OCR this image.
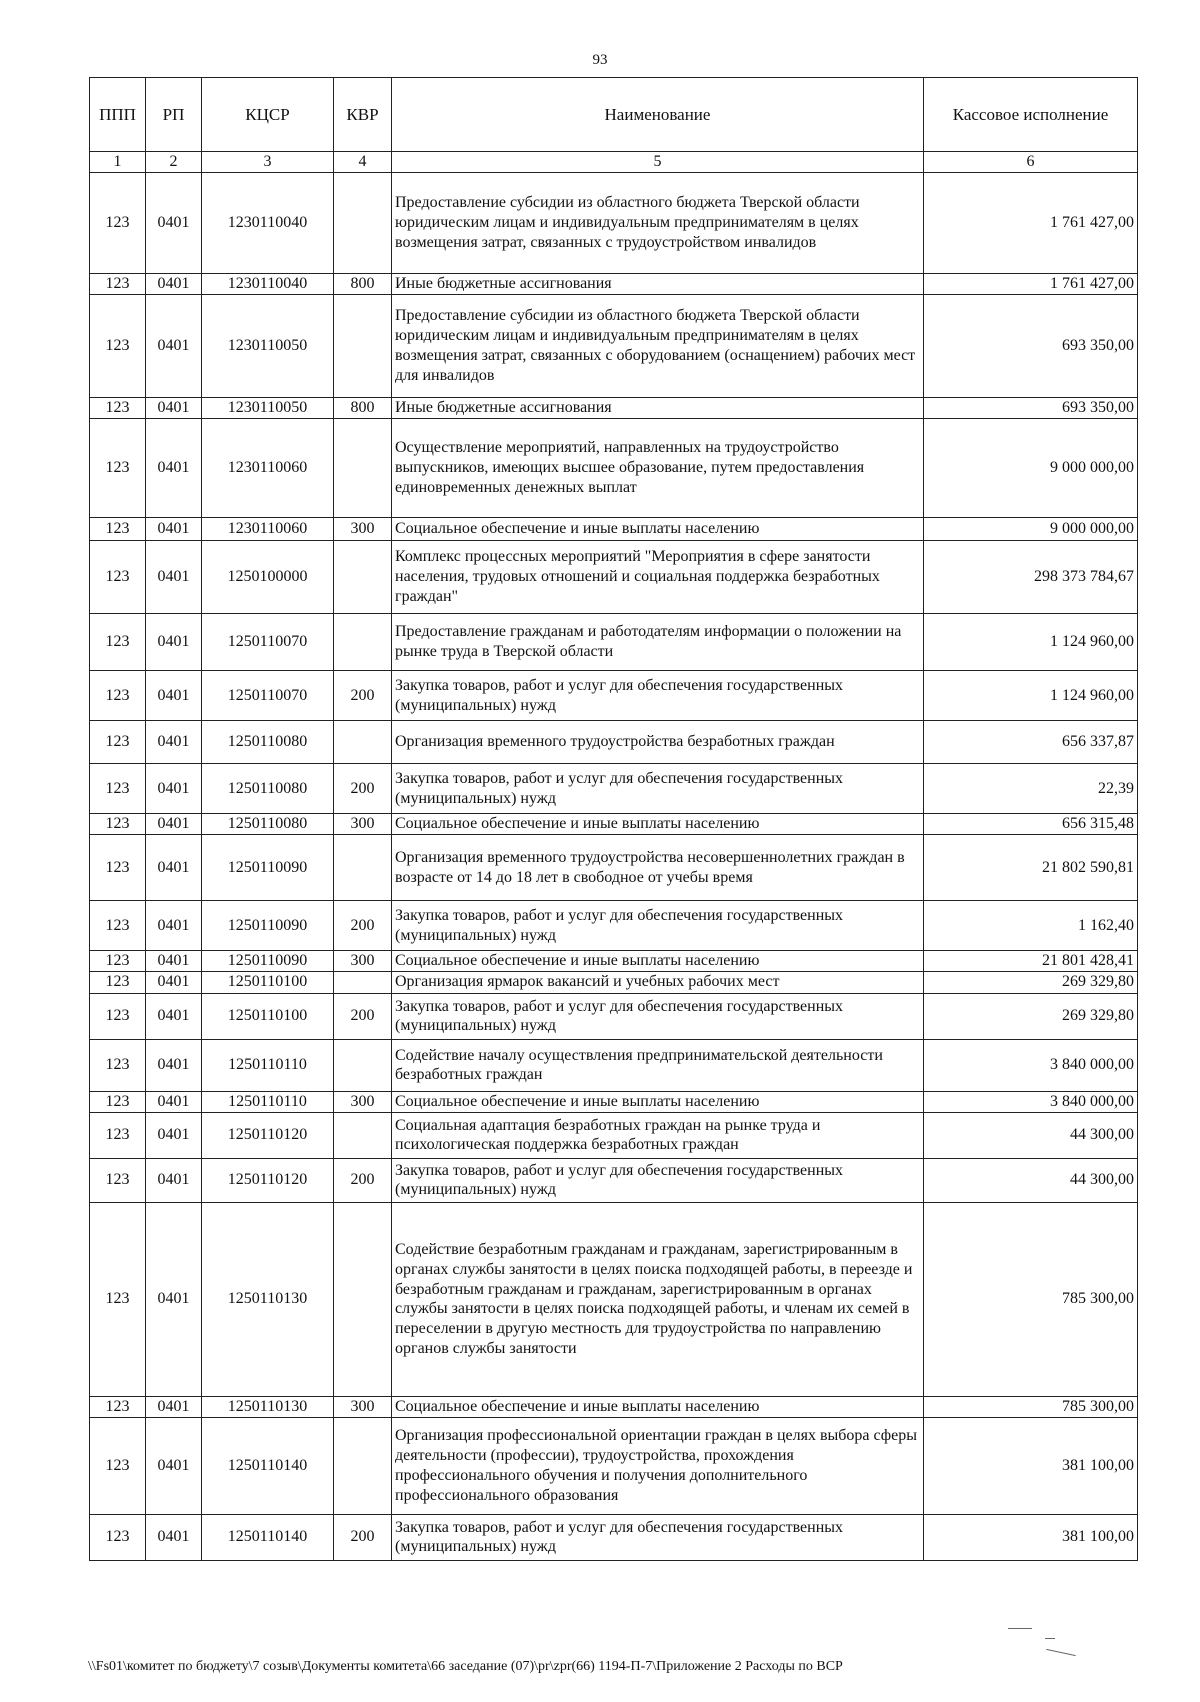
93
ППП	РП	КЦСР	КВР	Наименование	Кассовое исполнение
1	2	3	4	5	6
123	0401	1230110040		Предоставление субсидии из областного бюджета Тверской области юридическим лицам и индивидуальным предпринимателям в целях возмещения затрат, связанных с трудоустройством инвалидов	1 761 427,00
123	0401	1230110040	800	Иные бюджетные ассигнования	1 761 427,00
123	0401	1230110050		Предоставление субсидии из областного бюджета Тверской области юридическим лицам и индивидуальным предпринимателям в целях возмещения затрат, связанных с оборудованием (оснащением) рабочих мест для инвалидов	693 350,00
123	0401	1230110050	800	Иные бюджетные ассигнования	693 350,00
123	0401	1230110060		Осуществление мероприятий, направленных на трудоустройство выпускников, имеющих высшее образование, путем предоставления единовременных денежных выплат	9 000 000,00
123	0401	1230110060	300	Социальное обеспечение и иные выплаты населению	9 000 000,00
123	0401	1250100000		Комплекс процессных мероприятий "Мероприятия в сфере занятости населения, трудовых отношений и социальная поддержка безработных граждан"	298 373 784,67
123	0401	1250110070		Предоставление гражданам и работодателям информации о положении на рынке труда в Тверской области	1 124 960,00
123	0401	1250110070	200	Закупка товаров, работ и услуг для обеспечения государственных (муниципальных) нужд	1 124 960,00
123	0401	1250110080		Организация временного трудоустройства безработных граждан	656 337,87
123	0401	1250110080	200	Закупка товаров, работ и услуг для обеспечения государственных (муниципальных) нужд	22,39
123	0401	1250110080	300	Социальное обеспечение и иные выплаты населению	656 315,48
123	0401	1250110090		Организация временного трудоустройства несовершеннолетних граждан в возрасте от 14 до 18 лет в свободное от учебы время	21 802 590,81
123	0401	1250110090	200	Закупка товаров, работ и услуг для обеспечения государственных (муниципальных) нужд	1 162,40
123	0401	1250110090	300	Социальное обеспечение и иные выплаты населению	21 801 428,41
123	0401	1250110100		Организация ярмарок вакансий и учебных рабочих мест	269 329,80
123	0401	1250110100	200	Закупка товаров, работ и услуг для обеспечения государственных (муниципальных) нужд	269 329,80
123	0401	1250110110		Содействие началу осуществления предпринимательской деятельности безработных граждан	3 840 000,00
123	0401	1250110110	300	Социальное обеспечение и иные выплаты населению	3 840 000,00
123	0401	1250110120		Социальная адаптация безработных граждан на рынке труда и психологическая поддержка безработных граждан	44 300,00
123	0401	1250110120	200	Закупка товаров, работ и услуг для обеспечения государственных (муниципальных) нужд	44 300,00
123	0401	1250110130		Содействие безработным гражданам и гражданам, зарегистрированным в органах службы занятости в целях поиска подходящей работы, в переезде и безработным гражданам и гражданам, зарегистрированным в органах службы занятости в целях поиска подходящей работы, и членам их семей в переселении в другую местность для трудоустройства по направлению органов службы занятости	785 300,00
123	0401	1250110130	300	Социальное обеспечение и иные выплаты населению	785 300,00
123	0401	1250110140		Организация профессиональной ориентации граждан в целях выбора сферы деятельности (профессии), трудоустройства, прохождения профессионального обучения и получения дополнительного профессионального образования	381 100,00
123	0401	1250110140	200	Закупка товаров, работ и услуг для обеспечения государственных (муниципальных) нужд	381 100,00
\\Fs01\комитет по бюджету\7 созыв\Документы комитета\66 заседание (07)\pr\zpr(66) 1194-П-7\Приложение 2 Расходы по ВСР
